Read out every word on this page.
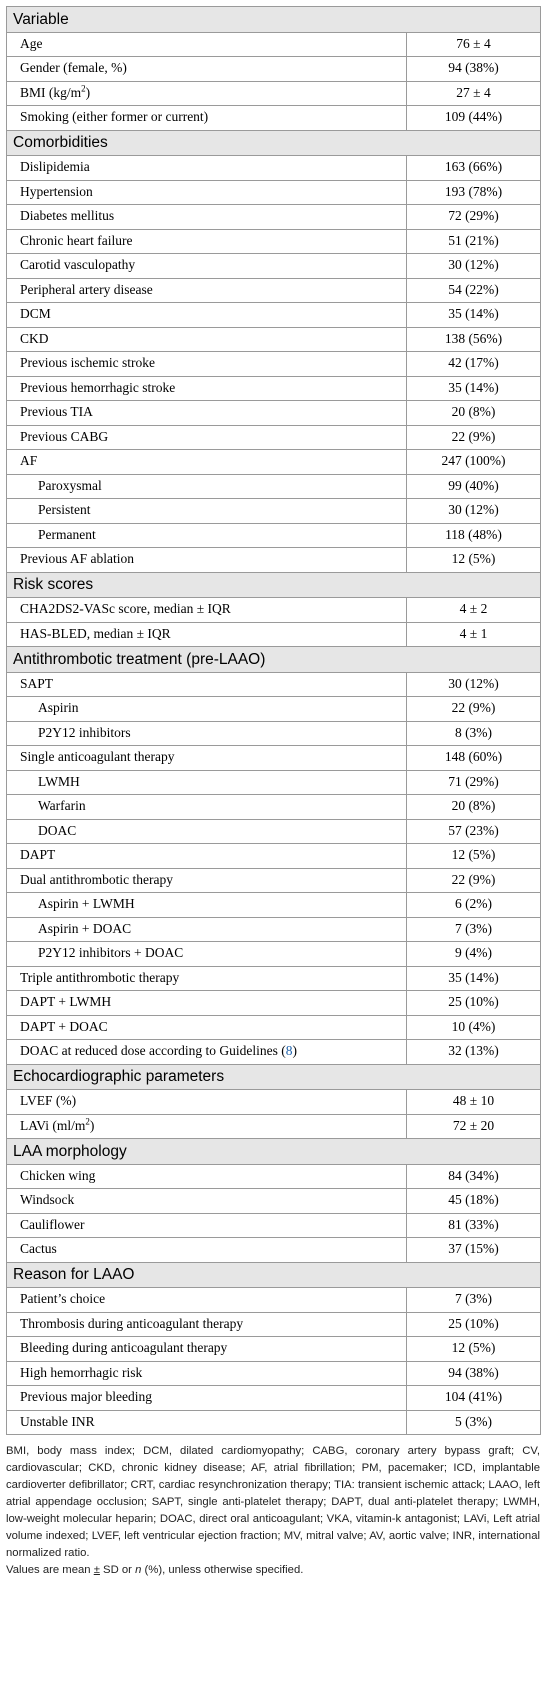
Variable	
Age	76 ± 4
Gender (female, %)	94 (38%)
BMI $(kg/m^2)$	27 ± 4
Smoking (either former or current)	109 (44%)
Comorbidities	
Dislipidemia	163 (66%)
Hypertension	193 (78%)
Diabetes mellitus	72 (29%)
Chronic heart failure	51 (21%)
Carotid vasculopathy	30 (12%)
Peripheral artery disease	54 (22%)
DCM	35 (14%)
CKD	138 (56%)
Previous ischemic stroke	42 (17%)
Previous hemorrhagic stroke	35 (14%)
Previous TIA	20 (8%)
Previous CABG	22 (9%)
AF	247 (100%)
Paroxysmal	99 (40%)
Persistent	30 (12%)
Permanent	118 (48%)
Previous AF ablation	12 (5%)
Risk scores	
CHA2DS2-VASc score, median ± IQR	4 ± 2
HAS-BLED, median ± IQR	4 ± 1
Antithrombotic treatment (pre-LAAO)	
SAPT	30 (12%)
Aspirin	22 (9%)
P2Y12 inhibitors	8 (3%)
Single anticoagulant therapy	148 (60%)
LWMH	71 (29%)
Warfarin	20 (8%)
DOAC	57 (23%)
DAPT	12 (5%)
Dual antithrombotic therapy	22 (9%)
Aspirin + LWMH	6 (2%)
Aspirin + DOAC	7 (3%)
P2Y12 inhibitors + DOAC	9 (4%)
Triple antithrombotic therapy	35 (14%)
DAPT + LWMH	25 (10%)
DAPT + DOAC	10 (4%)
DOAC at reduced dose according to Guidelines (8)	32 (13%)
Echocardiographic parameters	
LVEF (%)	48 ± 10
LAVi $(ml/m^2)$	72 ± 20
LAA morphology	
Chicken wing	84 (34%)
Windsock	45 (18%)
Cauliflower	81 (33%)
Cactus	37 (15%)
Reason for LAAO	
Patient’s choice	7 (3%)
Thrombosis during anticoagulant therapy	25 (10%)
Bleeding during anticoagulant therapy	12 (5%)
High hemorrhagic risk	94 (38%)
Previous major bleeding	104 (41%)
Unstable INR	5 (3%)

BMI, body mass index; DCM, dilated cardiomyopathy; CABG, coronary artery bypass graft; CV, cardiovascular; CKD, chronic kidney disease; AF, atrial fibrillation; PM, pacemaker; ICD, implantable cardioverter defibrillator; CRT, cardiac resynchronization therapy; TIA: transient ischemic attack; LAAO, left atrial appendage occlusion; SAPT, single anti-platelet therapy; DAPT, dual anti-platelet therapy; LWMH, low-weight molecular heparin; DOAC, direct oral anticoagulant; VKA, vitamin-k antagonist; LAVi, Left atrial volume indexed; LVEF, left ventricular ejection fraction; MV, mitral valve; AV, aortic valve; INR, international normalized ratio.

Values are mean ± SD or n (%), unless otherwise specified.
